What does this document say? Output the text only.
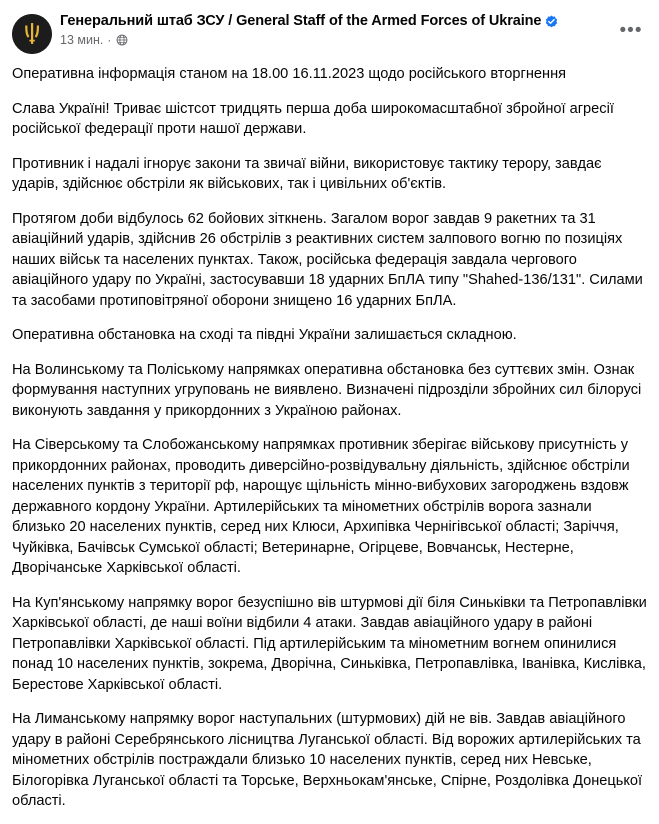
Генеральний штаб ЗСУ / General Staff of the Armed Forces of Ukraine
13 мин. ·	•••

Оперативна інформація станом на 18.00 16.11.2023 щодо російського вторгнення

Слава Україні! Триває шістсот тридцять перша доба широкомасштабної збройної агресії російської федерації проти нашої держави.

Противник і надалі ігнорує закони та звичаї війни, використовує тактику терору, завдає ударів, здійснює обстріли як військових, так і цивільних об'єктів.

Протягом доби відбулось 62 бойових зіткнень. Загалом ворог завдав 9 ракетних та 31 авіаційний ударів, здійснив 26 обстрілів з реактивних систем залпового вогню по позиціях наших військ та населених пунктах. Також, російська федерація завдала чергового авіаційного удару по Україні, застосувавши 18 ударних БпЛА типу "Shahed-136/131". Силами та засобами протиповітряної оборони знищено 16 ударних БпЛА.

Оперативна обстановка на сході та півдні України залишається складною.

На Волинському та Поліському напрямках оперативна обстановка без суттєвих змін. Ознак формування наступних угруповань не виявлено. Визначені підрозділи збройних сил білорусі виконують завдання у прикордонних з Україною районах.

На Сіверському та Слобожанському напрямках противник зберігає військову присутність у прикордонних районах, проводить диверсійно-розвідувальну діяльність, здійснює обстріли населених пунктів з території рф, нарощує щільність мінно-вибухових загороджень вздовж державного кордону України. Артилерійських та мінометних обстрілів ворога зазнали близько 20 населених пунктів, серед них Клюси, Архипівка Чернігівської області; Заріччя, Чуйківка, Бачівськ Сумської області; Ветеринарне, Огірцеве, Вовчанськ, Нестерне, Дворічанське Харківської області.

На Куп'янському напрямку ворог безуспішно вів штурмові дії біля Синьківки та Петропавлівки Харківської області, де наші воїни відбили 4 атаки. Завдав авіаційного удару в районі Петропавлівки Харківської області. Під артилерійським та мінометним вогнем опинилися понад 10 населених пунктів, зокрема, Дворічна, Синьківка, Петропавлівка, Іванівка, Кислівка, Берестове Харківської області.

На Лиманському напрямку ворог наступальних (штурмових) дій не вів. Завдав авіаційного удару в районі Серебрянського лісництва Луганської області. Від ворожих артилерійських та мінометних обстрілів постраждали близько 10 населених пунктів, серед них Невське, Білогорівка Луганської області та Торське, Верхньокам'янське, Спірне, Роздолівка Донецької області.
